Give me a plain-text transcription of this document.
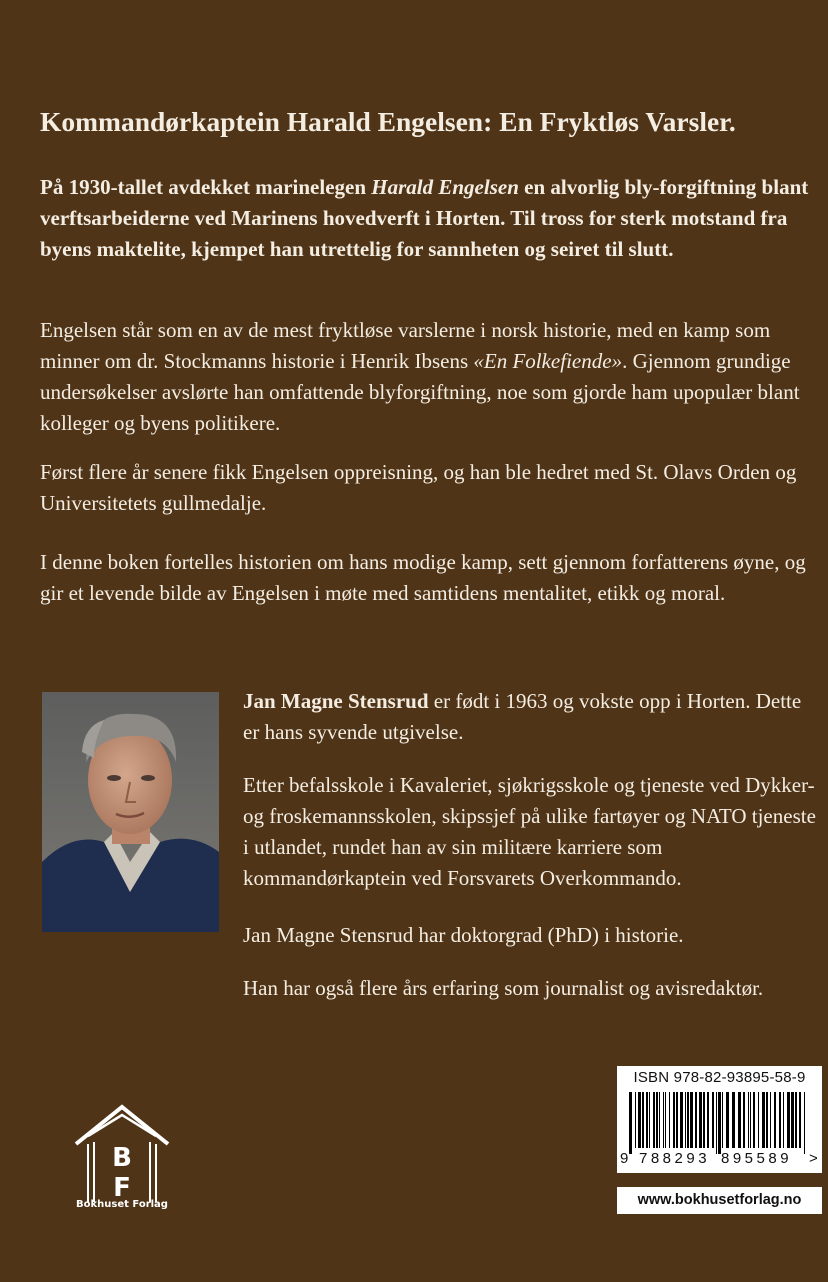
Kommandørkaptein Harald Engelsen: En Fryktløs Varsler.

På 1930-tallet avdekket marinelegen Harald Engelsen en alvorlig bly-forgiftning blant verftsarbeiderne ved Marinens hovedverft i Horten. Til tross for sterk motstand fra byens maktelite, kjempet han utrettelig for sannheten og seiret til slutt.

Engelsen står som en av de mest fryktløse varslerne i norsk historie, med en kamp som minner om dr. Stockmanns historie i Henrik Ibsens «En Folkefiende». Gjennom grundige undersøkelser avslørte han omfattende blyforgiftning, noe som gjorde ham upopulær blant kolleger og byens politikere.

Først flere år senere fikk Engelsen oppreisning, og han ble hedret med St. Olavs Orden og Universitetets gullmedalje.

I denne boken fortelles historien om hans modige kamp, sett gjennom forfatterens øyne, og gir et levende bilde av Engelsen i møte med samtidens mentalitet, etikk og moral.

Jan Magne Stensrud er født i 1963 og vokste opp i Horten. Dette er hans syvende utgivelse.

Etter befalsskole i Kavaleriet, sjøkrigsskole og tjeneste ved Dykker- og froskemannsskolen, skipssjef på ulike fartøyer og NATO tjeneste i utlandet, rundet han av sin militære karriere som kommandørkaptein ved Forsvarets Overkommando.

Jan Magne Stensrud har doktorgrad (PhD) i historie.

Han har også flere års erfaring som journalist og avisredaktør.

B
F
Bokhuset Forlag
ISBN 978-82-93895-58-9
9 788293 895589 >
www.bokhusetforlag.no
